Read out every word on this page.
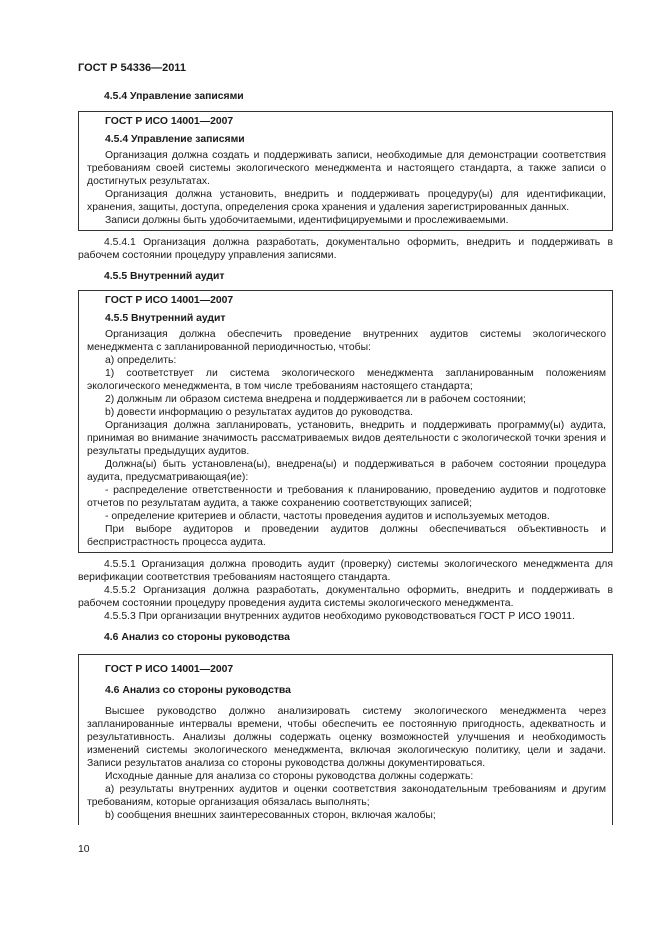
ГОСТ Р 54336—2011

4.5.4 Управление записями

ГОСТ Р ИСО 14001—2007

4.5.4 Управление записями

Организация должна создать и поддерживать записи, необходимые для демонстрации соответствия требованиям своей системы экологического менеджмента и настоящего стандарта, а также записи о достигнутых результатах.

Организация должна установить, внедрить и поддерживать процедуру(ы) для идентификации, хранения, защиты, доступа, определения срока хранения и удаления зарегистрированных данных.

Записи должны быть удобочитаемыми, идентифицируемыми и прослеживаемыми.

4.5.4.1 Организация должна разработать, документально оформить, внедрить и поддерживать в рабочем состоянии процедуру управления записями.

4.5.5 Внутренний аудит

ГОСТ Р ИСО 14001—2007

4.5.5 Внутренний аудит

Организация должна обеспечить проведение внутренних аудитов системы экологического менеджмента с запланированной периодичностью, чтобы:

а) определить:

1) соответствует ли система экологического менеджмента запланированным положениям экологического менеджмента, в том числе требованиям настоящего стандарта;

2) должным ли образом система внедрена и поддерживается ли в рабочем состоянии;

b) довести информацию о результатах аудитов до руководства.

Организация должна запланировать, установить, внедрить и поддерживать программу(ы) аудита, принимая во внимание значимость рассматриваемых видов деятельности с экологической точки зрения и результаты предыдущих аудитов.

Должна(ы) быть установлена(ы), внедрена(ы) и поддерживаться в рабочем состоянии процедура аудита, предусматривающая(ие):

- распределение ответственности и требования к планированию, проведению аудитов и подготовке отчетов по результатам аудита, а также сохранению соответствующих записей;

- определение критериев и области, частоты проведения аудитов и используемых методов.

При выборе аудиторов и проведении аудитов должны обеспечиваться объективность и беспристрастность процесса аудита.

4.5.5.1 Организация должна проводить аудит (проверку) системы экологического менеджмента для верификации соответствия требованиям настоящего стандарта.

4.5.5.2 Организация должна разработать, документально оформить, внедрить и поддерживать в рабочем состоянии процедуру проведения аудита системы экологического менеджмента.

4.5.5.3 При организации внутренних аудитов необходимо руководствоваться ГОСТ Р ИСО 19011.

4.6 Анализ со стороны руководства

ГОСТ Р ИСО 14001—2007

4.6 Анализ со стороны руководства

Высшее руководство должно анализировать систему экологического менеджмента через запланированные интервалы времени, чтобы обеспечить ее постоянную пригодность, адекватность и результативность. Анализы должны содержать оценку возможностей улучшения и необходимость изменений системы экологического менеджмента, включая экологическую политику, цели и задачи. Записи результатов анализа со стороны руководства должны документироваться.

Исходные данные для анализа со стороны руководства должны содержать:

а) результаты внутренних аудитов и оценки соответствия законодательным требованиям и другим требованиям, которые организация обязалась выполнять;

b) сообщения внешних заинтересованных сторон, включая жалобы;

10
